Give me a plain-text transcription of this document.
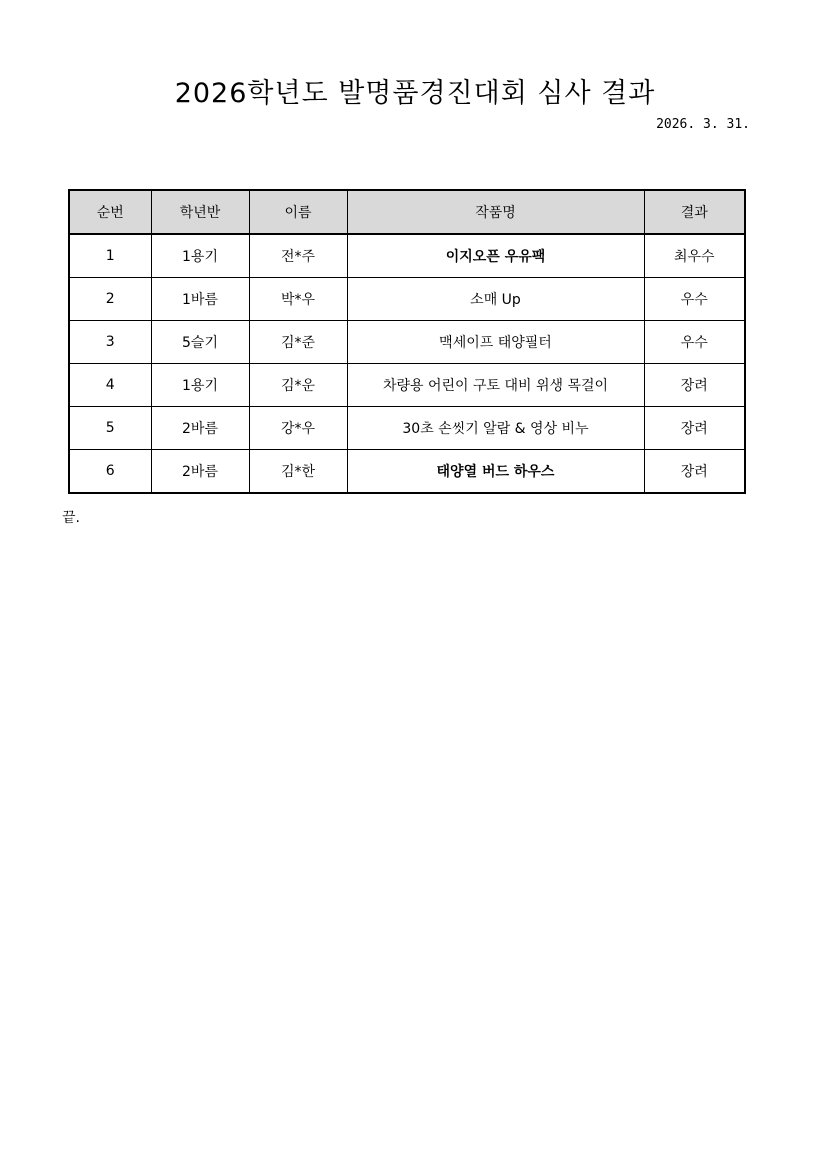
2026학년도 발명품경진대회 심사 결과
2026. 3. 31.
순번	학년반	이름	작품명	결과
1	1용기	전*주	이지오픈 우유팩	최우수
2	1바름	박*우	소매 Up	우수
3	5슬기	김*준	맥세이프 태양필터	우수
4	1용기	김*운	차량용 어린이 구토 대비 위생 목걸이	장려
5	2바름	강*우	30초 손씻기 알람 & 영상 비누	장려
6	2바름	김*한	태양열 버드 하우스	장려
끝.
